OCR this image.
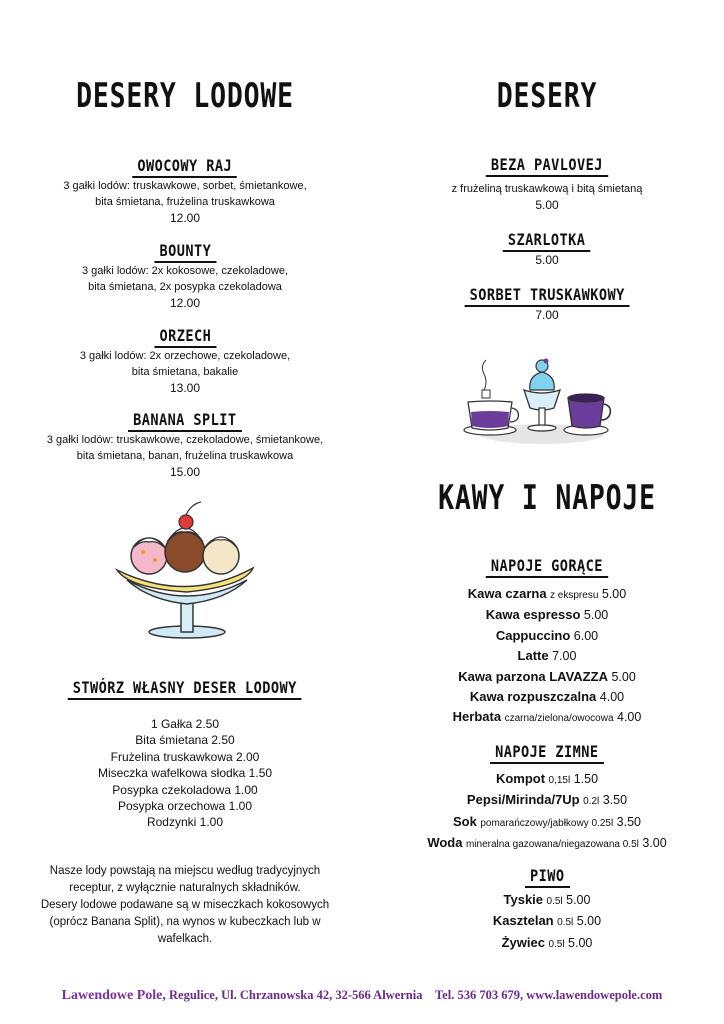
DESERY LODOWE
OWOCOWY RAJ
3 gałki lodów: truskawkowe, sorbet, śmietankowe,
bita śmietana, frużelina truskawkowa
12.00
BOUNTY
3 gałki lodów: 2x kokosowe, czekoladowe,
bita śmietana, 2x posypka czekoladowa
12.00
ORZECH
3 gałki lodów: 2x orzechowe, czekoladowe,
bita śmietana, bakalie
13.00
BANANA SPLIT
3 gałki lodów: truskawkowe, czekoladowe, śmietankowe,
bita śmietana, banan, frużelina truskawkowa
15.00
STWÓRZ WŁASNY DESER LODOWY
1 Gałka 2.50
Bita śmietana 2.50
Frużelina truskawkowa 2.00
Miseczka wafelkowa słodka 1.50
Posypka czekoladowa 1.00
Posypka orzechowa 1.00
Rodzynki 1.00
Nasze lody powstają na miejscu według tradycyjnych
receptur, z wyłącznie naturalnych składników.
Desery lodowe podawane są w miseczkach kokosowych
(oprócz Banana Split), na wynos w kubeczkach lub w
wafelkach.
DESERY
BEZA PAVLOVEJ
z frużeliną truskawkową i bitą śmietaną
5.00
SZARLOTKA
5.00
SORBET TRUSKAWKOWY
7.00
KAWY I NAPOJE
NAPOJE GORĄCE
Kawa czarna z ekspresu 5.00
Kawa espresso 5.00
Cappuccino 6.00
Latte 7.00
Kawa parzona LAVAZZA 5.00
Kawa rozpuszczalna 4.00
Herbata czarna/zielona/owocowa 4.00
NAPOJE ZIMNE
Kompot 0,15l 1.50
Pepsi/Mirinda/7Up 0.2l 3.50
Sok pomarańczowy/jabłkowy 0.25l 3.50
Woda mineralna gazowana/niegazowana 0.5l 3.00
PIWO
Tyskie 0.5l 5.00
Kasztelan 0.5l 5.00
Żywiec 0.5l 5.00
Lawendowe Pole, Regulice, Ul. Chrzanowska 42, 32-566 Alwernia Tel. 536 703 679, www.lawendowepole.com
